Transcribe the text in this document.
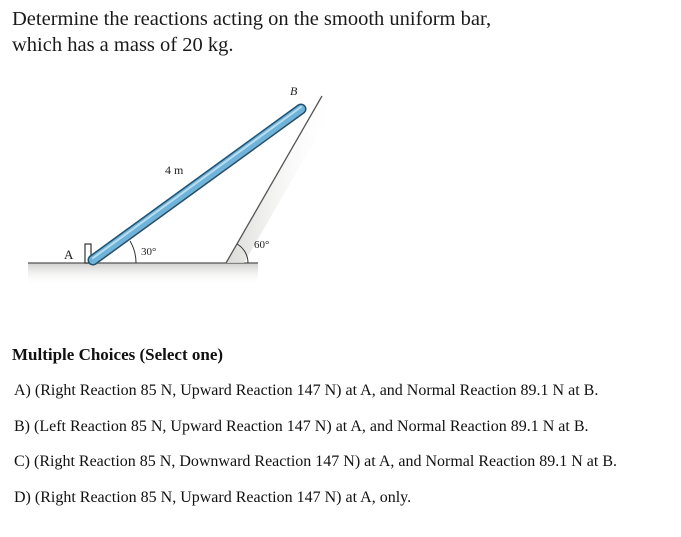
Determine the reactions acting on the smooth uniform bar,
which has a mass of 20 kg.
A
B
4 m
30°
60°
Multiple Choices (Select one)
A) (Right Reaction 85 N, Upward Reaction 147 N) at A, and Normal Reaction 89.1 N at B.
B) (Left Reaction 85 N, Upward Reaction 147 N) at A, and Normal Reaction 89.1 N at B.
C) (Right Reaction 85 N, Downward Reaction 147 N) at A, and Normal Reaction 89.1 N at B.
D) (Right Reaction 85 N, Upward Reaction 147 N) at A, only.
